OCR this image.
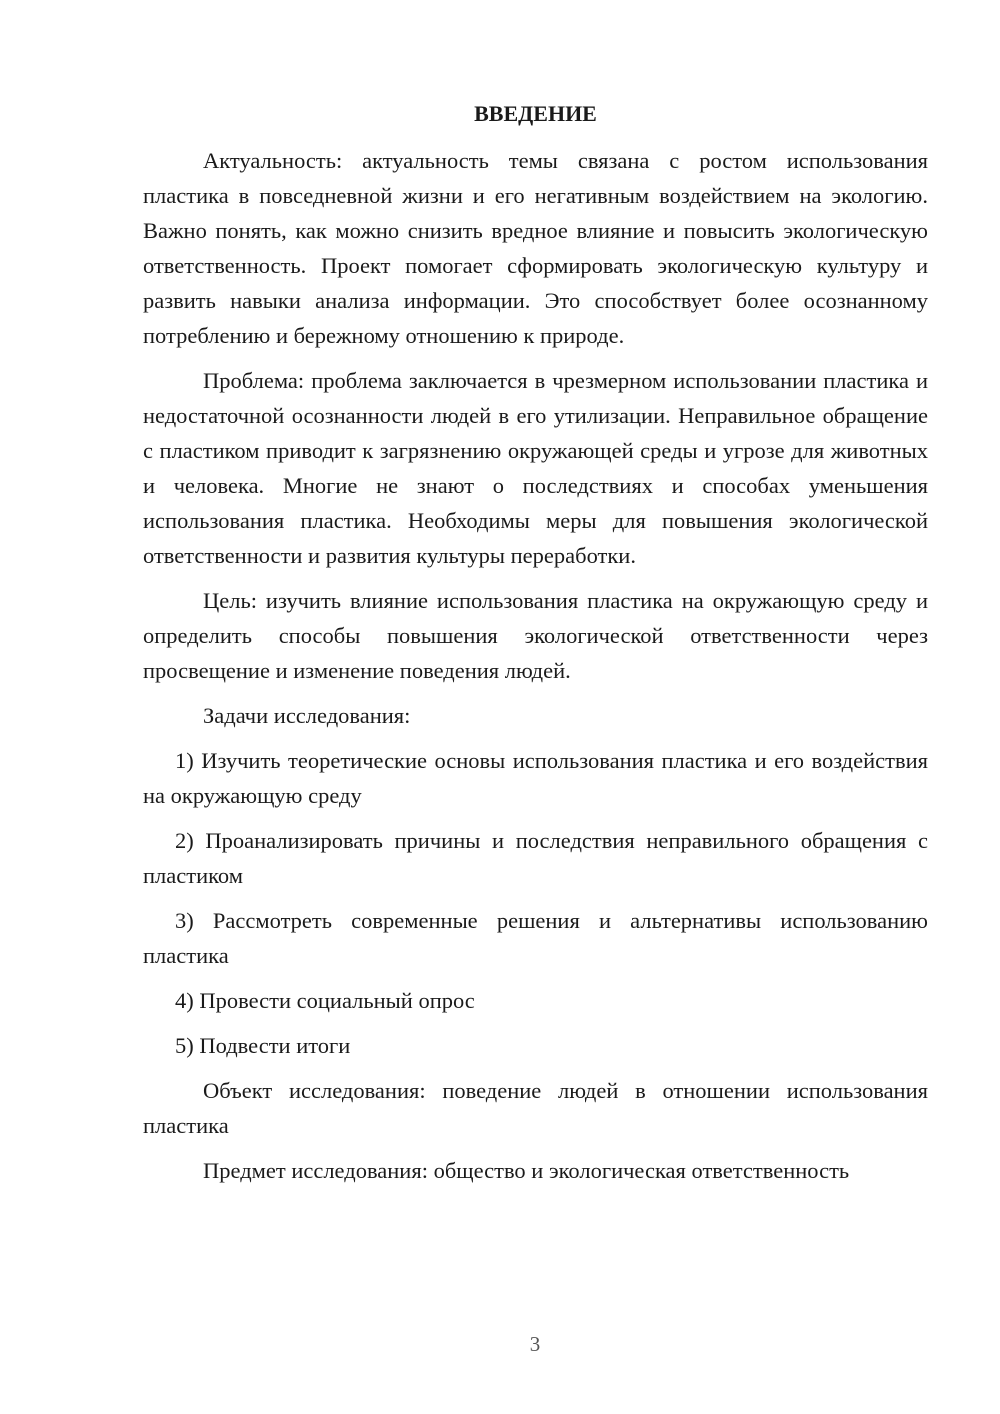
ВВЕДЕНИЕ

Актуальность: актуальность темы связана с ростом использования пластика в повседневной жизни и его негативным воздействием на экологию. Важно понять, как можно снизить вредное влияние и повысить экологическую ответственность. Проект помогает сформировать экологическую культуру и развить навыки анализа информации. Это способствует более осознанному потреблению и бережному отношению к природе.

Проблема: проблема заключается в чрезмерном использовании пластика и недостаточной осознанности людей в его утилизации. Неправильное обращение с пластиком приводит к загрязнению окружающей среды и угрозе для животных и человека. Многие не знают о последствиях и способах уменьшения использования пластика. Необходимы меры для повышения экологической ответственности и развития культуры переработки.

Цель: изучить влияние использования пластика на окружающую среду и определить способы повышения экологической ответственности через просвещение и изменение поведения людей.

Задачи исследования:

1) Изучить теоретические основы использования пластика и его воздействия на окружающую среду

2) Проанализировать причины и последствия неправильного обращения с пластиком

3) Рассмотреть современные решения и альтернативы использованию пластика

4) Провести социальный опрос

5) Подвести итоги

Объект исследования: поведение людей в отношении использования пластика

Предмет исследования: общество и экологическая ответственность

3
